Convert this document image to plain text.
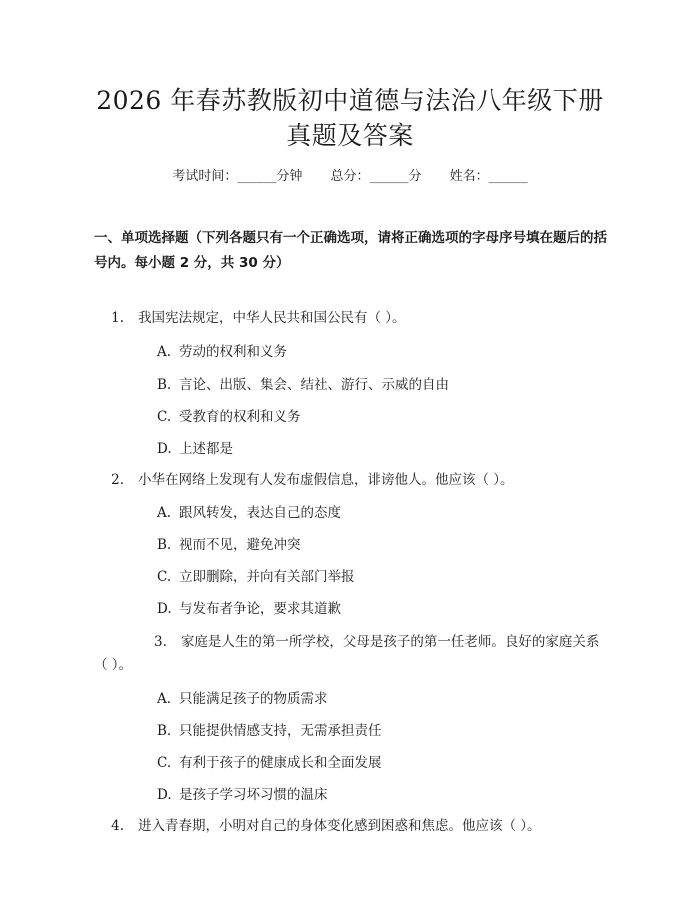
2026 年春苏教版初中道德与法治八年级下册
真题及答案
考试时间：______分钟 总分：______分 姓名：______
一、单项选择题（下列各题只有一个正确选项，请将正确选项的字母序号填在题后的括号内。每小题 2 分，共 30 分）
1. 我国宪法规定，中华人民共和国公民有（ ）。
A. 劳动的权利和义务
B. 言论、出版、集会、结社、游行、示威的自由
C. 受教育的权利和义务
D. 上述都是
2. 小华在网络上发现有人发布虚假信息，诽谤他人。他应该（ ）。
A. 跟风转发，表达自己的态度
B. 视而不见，避免冲突
C. 立即删除，并向有关部门举报
D. 与发布者争论，要求其道歉
3. 家庭是人生的第一所学校，父母是孩子的第一任老师。良好的家庭关系（ ）。
A. 只能满足孩子的物质需求
B. 只能提供情感支持，无需承担责任
C. 有利于孩子的健康成长和全面发展
D. 是孩子学习坏习惯的温床
4. 进入青春期，小明对自己的身体变化感到困惑和焦虑。他应该（ ）。
